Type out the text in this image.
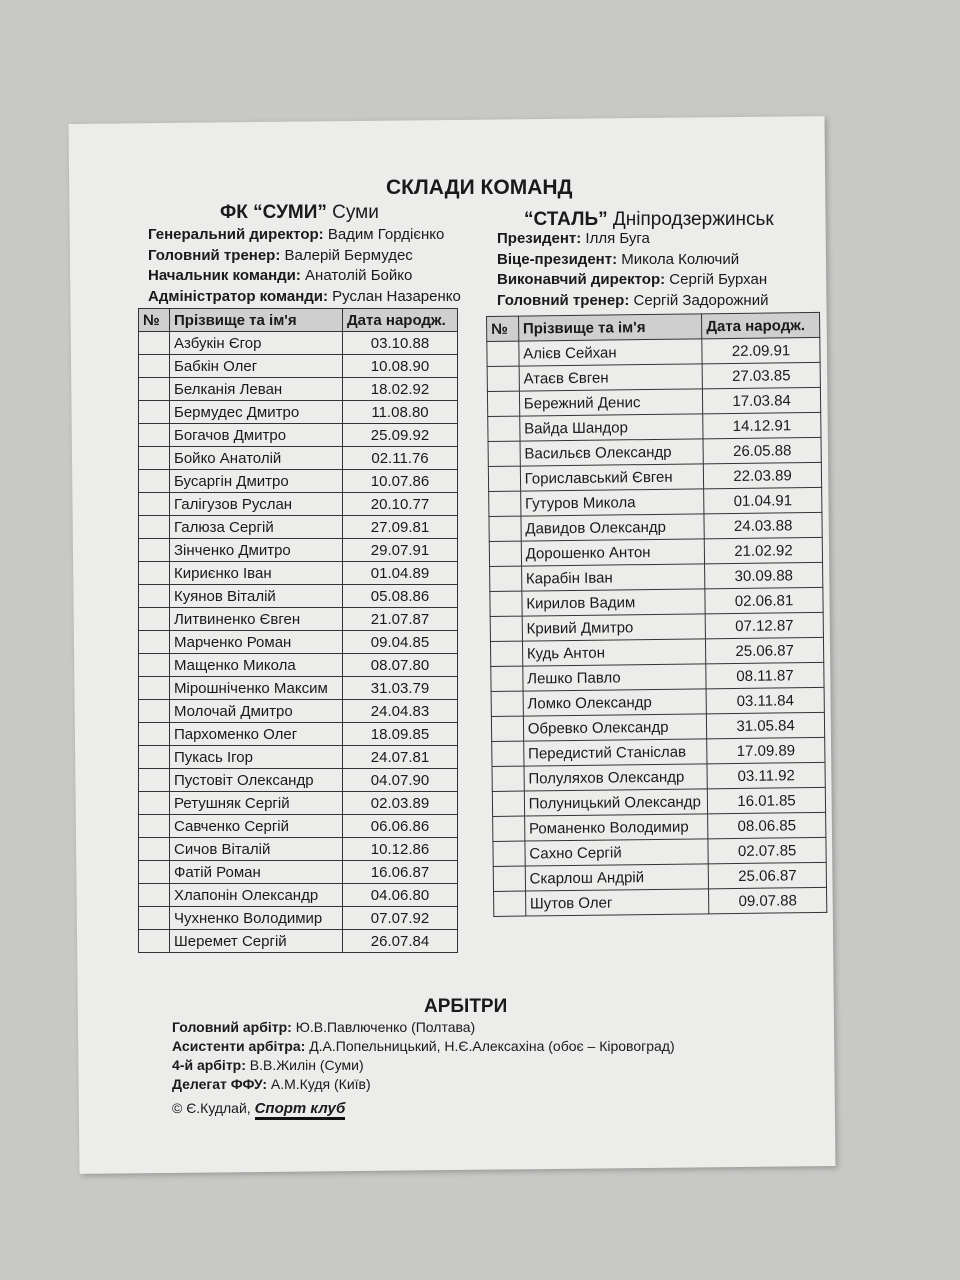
СКЛАДИ КОМАНД
ФК “СУМИ” Суми
Генеральний директор: Вадим Гордієнко
Головний тренер: Валерій Бермудес
Начальник команди: Анатолій Бойко
Адміністратор команди: Руслан Назаренко
“СТАЛЬ” Дніпродзержинськ
Президент: Ілля Буга
Віце-президент: Микола Колючий
Виконавчий директор: Сергій Бурхан
Головний тренер: Сергій Задорожний
№	Прізвище та ім'я	Дата народж.
	Азбукін Єгор	03.10.88
	Бабкін Олег	10.08.90
	Белканія Леван	18.02.92
	Бермудес Дмитро	11.08.80
	Богачов Дмитро	25.09.92
	Бойко Анатолій	02.11.76
	Бусаргін Дмитро	10.07.86
	Галігузов Руслан	20.10.77
	Галюза Сергій	27.09.81
	Зінченко Дмитро	29.07.91
	Кириєнко Іван	01.04.89
	Куянов Віталій	05.08.86
	Литвиненко Євген	21.07.87
	Марченко Роман	09.04.85
	Мащенко Микола	08.07.80
	Мірошніченко Максим	31.03.79
	Молочай Дмитро	24.04.83
	Пархоменко Олег	18.09.85
	Пукась Ігор	24.07.81
	Пустовіт Олександр	04.07.90
	Ретушняк Сергій	02.03.89
	Савченко Сергій	06.06.86
	Сичов Віталій	10.12.86
	Фатій Роман	16.06.87
	Хлапонін Олександр	04.06.80
	Чухненко Володимир	07.07.92
	Шеремет Сергій	26.07.84
№	Прізвище та ім'я	Дата народж.
	Алієв Сейхан	22.09.91
	Атаєв Євген	27.03.85
	Бережний Денис	17.03.84
	Вайда Шандор	14.12.91
	Васильєв Олександр	26.05.88
	Гориславський Євген	22.03.89
	Гутуров Микола	01.04.91
	Давидов Олександр	24.03.88
	Дорошенко Антон	21.02.92
	Карабін Іван	30.09.88
	Кирилов Вадим	02.06.81
	Кривий Дмитро	07.12.87
	Кудь Антон	25.06.87
	Лешко Павло	08.11.87
	Ломко Олександр	03.11.84
	Обревко Олександр	31.05.84
	Передистий Станіслав	17.09.89
	Полуляхов Олександр	03.11.92
	Полуницький Олександр	16.01.85
	Романенко Володимир	08.06.85
	Сахно Сергій	02.07.85
	Скарлош Андрій	25.06.87
	Шутов Олег	09.07.88
АРБІТРИ
Головний арбітр: Ю.В.Павлюченко (Полтава)
Асистенти арбітра: Д.А.Попельницький, Н.Є.Алексахіна (обоє – Кіровоград)
4-й арбітр: В.В.Жилін (Суми)
Делегат ФФУ: А.М.Кудя (Київ)
© Є.Кудлай, Спорт клуб
